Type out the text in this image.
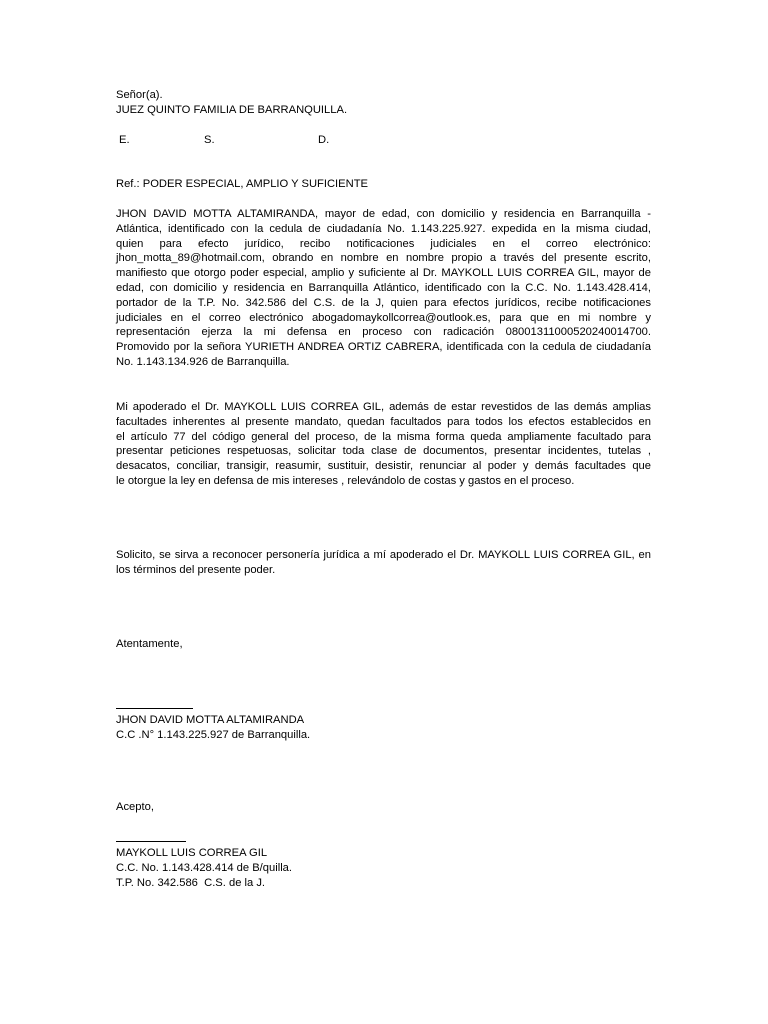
Señor(a).
JUEZ QUINTO FAMILIA DE BARRANQUILLA.
E.	S.	D.
Ref.: PODER ESPECIAL, AMPLIO Y SUFICIENTE
JHON DAVID MOTTA ALTAMIRANDA, mayor de edad, con domicilio y residencia en Barranquilla -
Atlántica, identificado con la cedula de ciudadanía No. 1.143.225.927. expedida en la misma ciudad,
quien para efecto jurídico, recibo notificaciones judiciales en el correo electrónico:
jhon_motta_89@hotmail.com, obrando en nombre en nombre propio a través del presente escrito,
manifiesto que otorgo poder especial, amplio y suficiente al Dr. MAYKOLL LUIS CORREA GIL, mayor de
edad, con domicilio y residencia en Barranquilla Atlántico, identificado con la C.C. No. 1.143.428.414,
portador de la T.P. No. 342.586 del C.S. de la J, quien para efectos jurídicos, recibe notificaciones
judiciales en el correo electrónico abogadomaykollcorrea@outlook.es, para que en mi nombre y
representación ejerza la mi defensa en proceso con radicación 08001311000520240014700.
Promovido por la señora YURIETH ANDREA ORTIZ CABRERA, identificada con la cedula de ciudadanía
No. 1.143.134.926 de Barranquilla.
Mi apoderado el Dr. MAYKOLL LUIS CORREA GIL, además de estar revestidos de las demás amplias
facultades inherentes al presente mandato, quedan facultados para todos los efectos establecidos en
el artículo 77 del código general del proceso, de la misma forma queda ampliamente facultado para
presentar peticiones respetuosas, solicitar toda clase de documentos, presentar incidentes, tutelas ,
desacatos, conciliar, transigir, reasumir, sustituir, desistir, renunciar al poder y demás facultades que
le otorgue la ley en defensa de mis intereses , relevándolo de costas y gastos en el proceso.
Solicito, se sirva a reconocer personería jurídica a mí apoderado el Dr. MAYKOLL LUIS CORREA GIL, en
los términos del presente poder.
Atentamente,
JHON DAVID MOTTA ALTAMIRANDA
C.C .N° 1.143.225.927 de Barranquilla.
Acepto,
MAYKOLL LUIS CORREA GIL
C.C. No. 1.143.428.414 de B/quilla.
T.P. No. 342.586  C.S. de la J.
